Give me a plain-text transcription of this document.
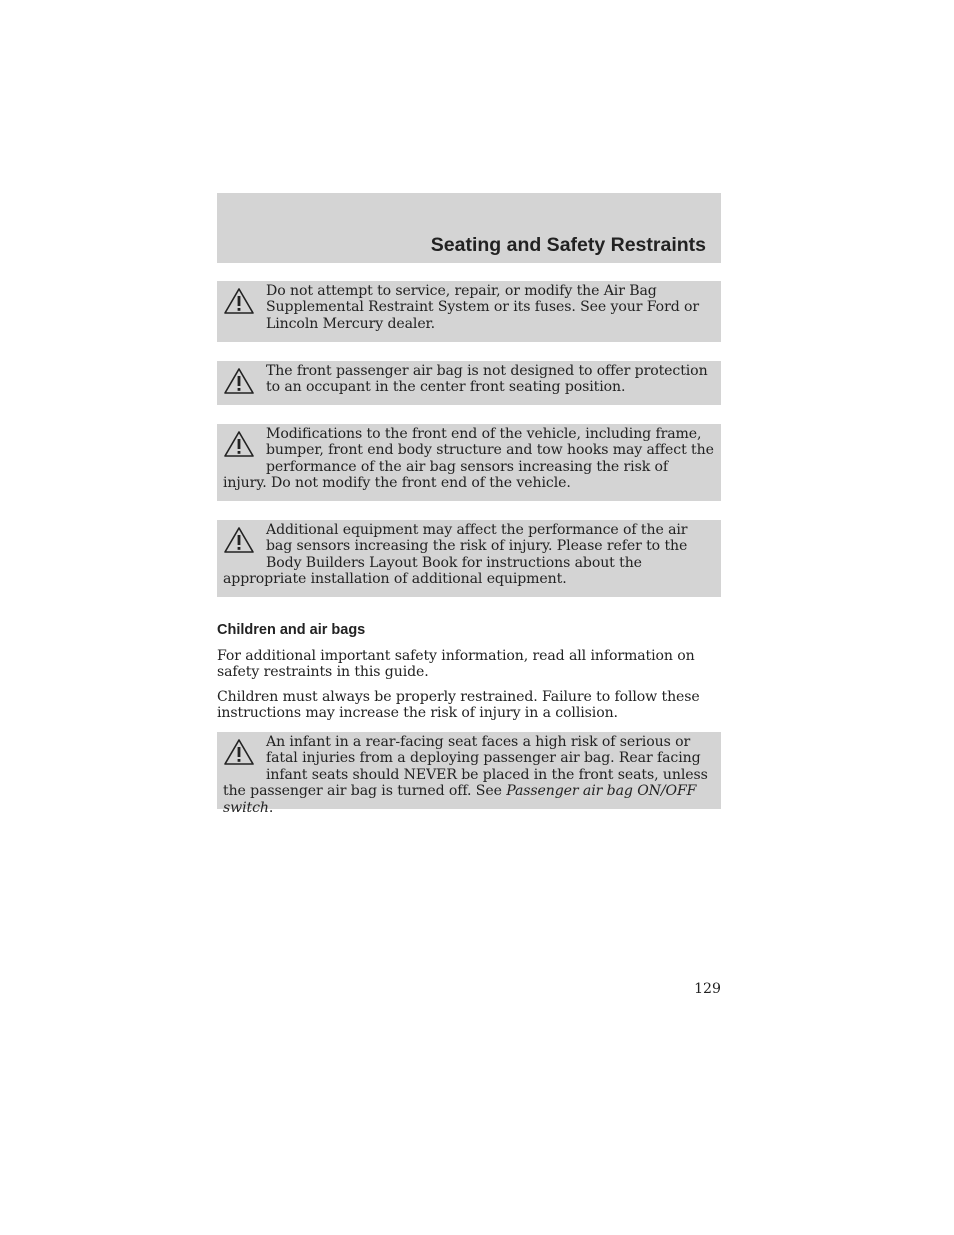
Seating and Safety Restraints
Do not attempt to service, repair, or modify the Air Bag Supplemental Restraint System or its fuses. See your Ford or Lincoln Mercury dealer.
The front passenger air bag is not designed to offer protection to an occupant in the center front seating position.
Modifications to the front end of the vehicle, including frame, bumper, front end body structure and tow hooks may affect the performance of the air bag sensors increasing the risk of injury. Do not modify the front end of the vehicle.
Additional equipment may affect the performance of the air bag sensors increasing the risk of injury. Please refer to the Body Builders Layout Book for instructions about the appropriate installation of additional equipment.
Children and air bags
For additional important safety information, read all information on safety restraints in this guide.
Children must always be properly restrained. Failure to follow these instructions may increase the risk of injury in a collision.
An infant in a rear-facing seat faces a high risk of serious or fatal injuries from a deploying passenger air bag. Rear facing infant seats should NEVER be placed in the front seats, unless the passenger air bag is turned off. See Passenger air bag ON/OFF switch.
129
